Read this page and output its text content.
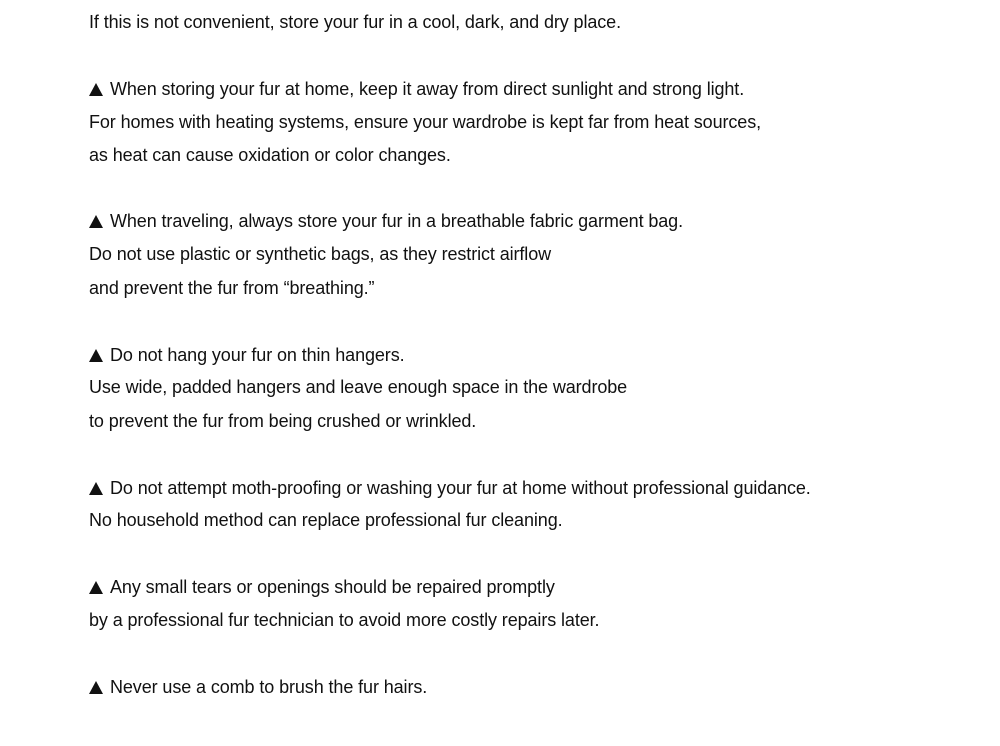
If this is not convenient, store your fur in a cool, dark, and dry place.
When storing your fur at home, keep it away from direct sunlight and strong light.
For homes with heating systems, ensure your wardrobe is kept far from heat sources,
as heat can cause oxidation or color changes.
When traveling, always store your fur in a breathable fabric garment bag.
Do not use plastic or synthetic bags, as they restrict airflow
and prevent the fur from “breathing.”
Do not hang your fur on thin hangers.
Use wide, padded hangers and leave enough space in the wardrobe
to prevent the fur from being crushed or wrinkled.
Do not attempt moth-proofing or washing your fur at home without professional guidance.
No household method can replace professional fur cleaning.
Any small tears or openings should be repaired promptly
by a professional fur technician to avoid more costly repairs later.
Never use a comb to brush the fur hairs.
